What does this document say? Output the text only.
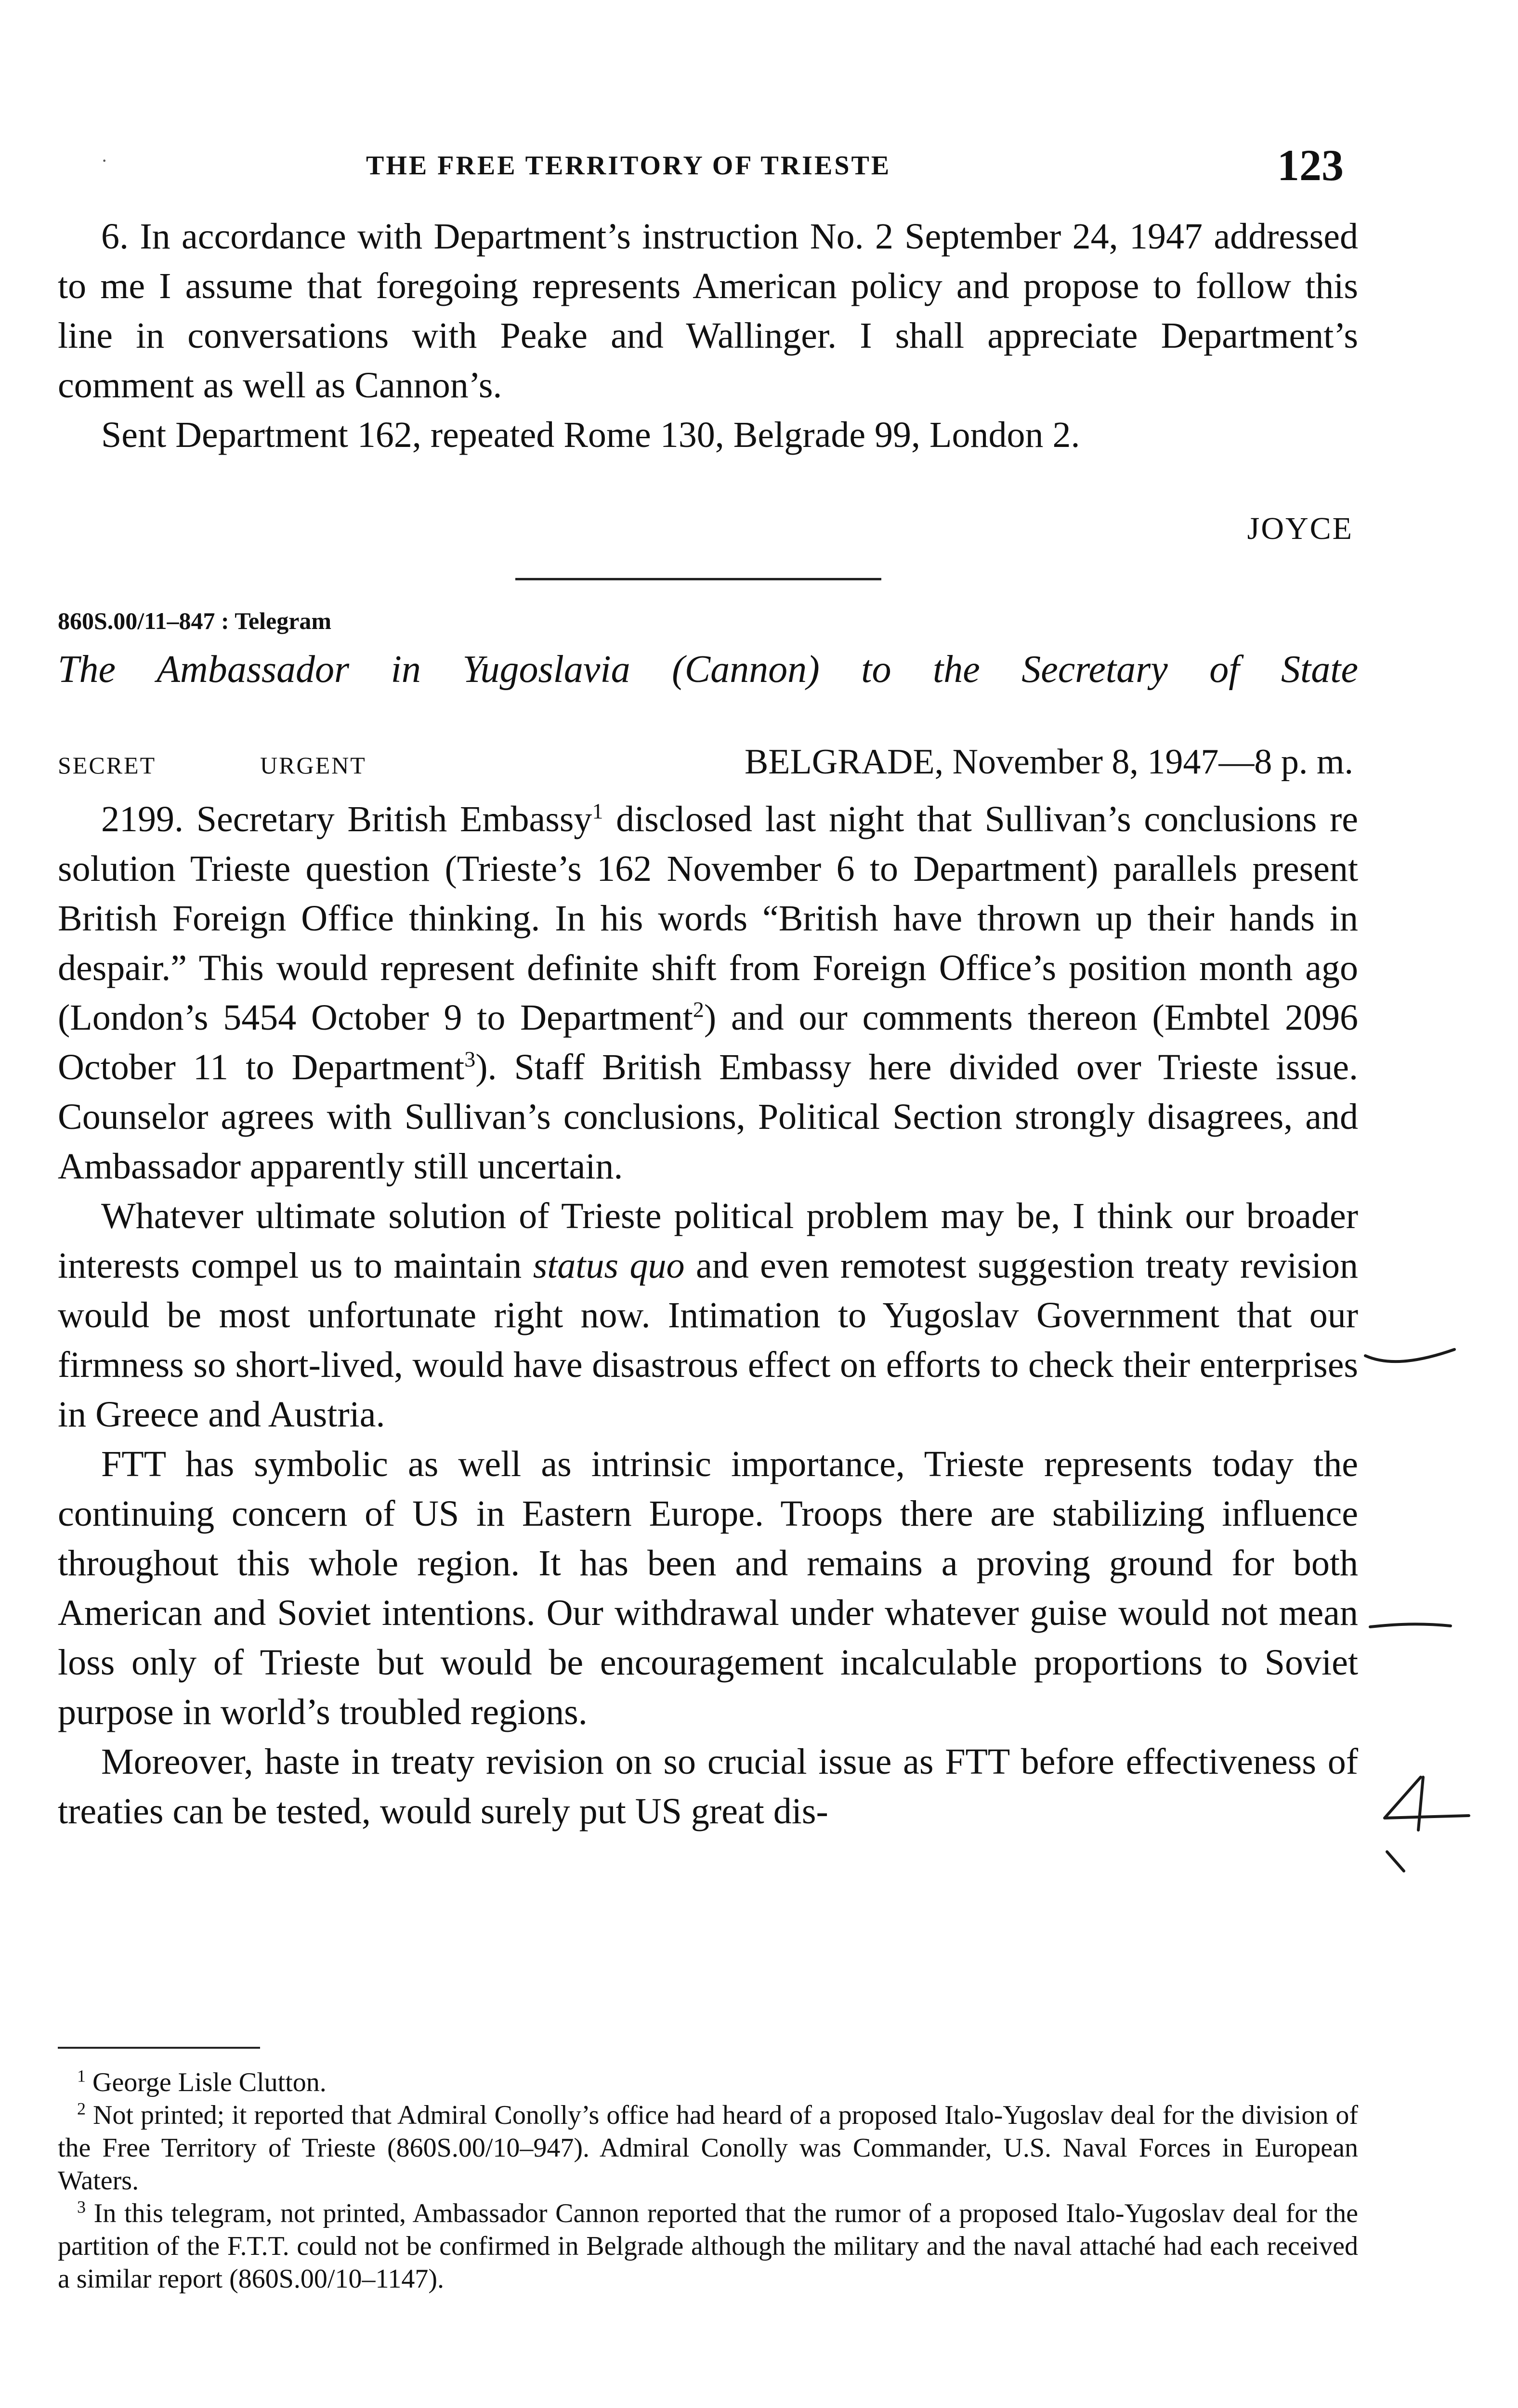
·	THE FREE TERRITORY OF TRIESTE	123

6. In accordance with Department’s instruction No. 2 September 24, 1947 addressed to me I assume that foregoing represents American policy and propose to follow this line in conversations with Peake and Wallinger. I shall appreciate Department’s comment as well as Cannon’s.

Sent Department 162, repeated Rome 130, Belgrade 99, London 2.

JOYCE
860S.00/11–847 : Telegram
The Ambassador in Yugoslavia (Cannon) to the Secretary of State
SECRET	URGENT	BELGRADE, November 8, 1947—8 p. m.

2199. Secretary British Embassy$^1$ disclosed last night that Sullivan’s conclusions re solution Trieste question (Trieste’s 162 November 6 to Department) parallels present British Foreign Office thinking. In his words “British have thrown up their hands in despair.” This would represent definite shift from Foreign Office’s position month ago (London’s 5454 October 9 to Department$^2$) and our comments thereon (Embtel 2096 October 11 to Department$^3$). Staff British Embassy here divided over Trieste issue. Counselor agrees with Sullivan’s conclusions, Political Section strongly disagrees, and Ambassador apparently still uncertain.

Whatever ultimate solution of Trieste political problem may be, I think our broader interests compel us to maintain status quo and even remotest suggestion treaty revision would be most unfortunate right now. Intimation to Yugoslav Government that our firmness so short-lived, would have disastrous effect on efforts to check their enterprises in Greece and Austria.

FTT has symbolic as well as intrinsic importance, Trieste represents today the continuing concern of US in Eastern Europe. Troops there are stabilizing influence throughout this whole region. It has been and remains a proving ground for both American and Soviet intentions. Our withdrawal under whatever guise would not mean loss only of Trieste but would be encouragement incalculable proportions to Soviet purpose in world’s troubled regions.

Moreover, haste in treaty revision on so crucial issue as FTT before effectiveness of treaties can be tested, would surely put US great dis-

$^1$ George Lisle Clutton.

$^2$ Not printed; it reported that Admiral Conolly’s office had heard of a proposed Italo-Yugoslav deal for the division of the Free Territory of Trieste (860S.00/10–947). Admiral Conolly was Commander, U.S. Naval Forces in European Waters.

$^3$ In this telegram, not printed, Ambassador Cannon reported that the rumor of a proposed Italo-Yugoslav deal for the partition of the F.T.T. could not be confirmed in Belgrade although the military and the naval attaché had each received a similar report (860S.00/10–1147).
